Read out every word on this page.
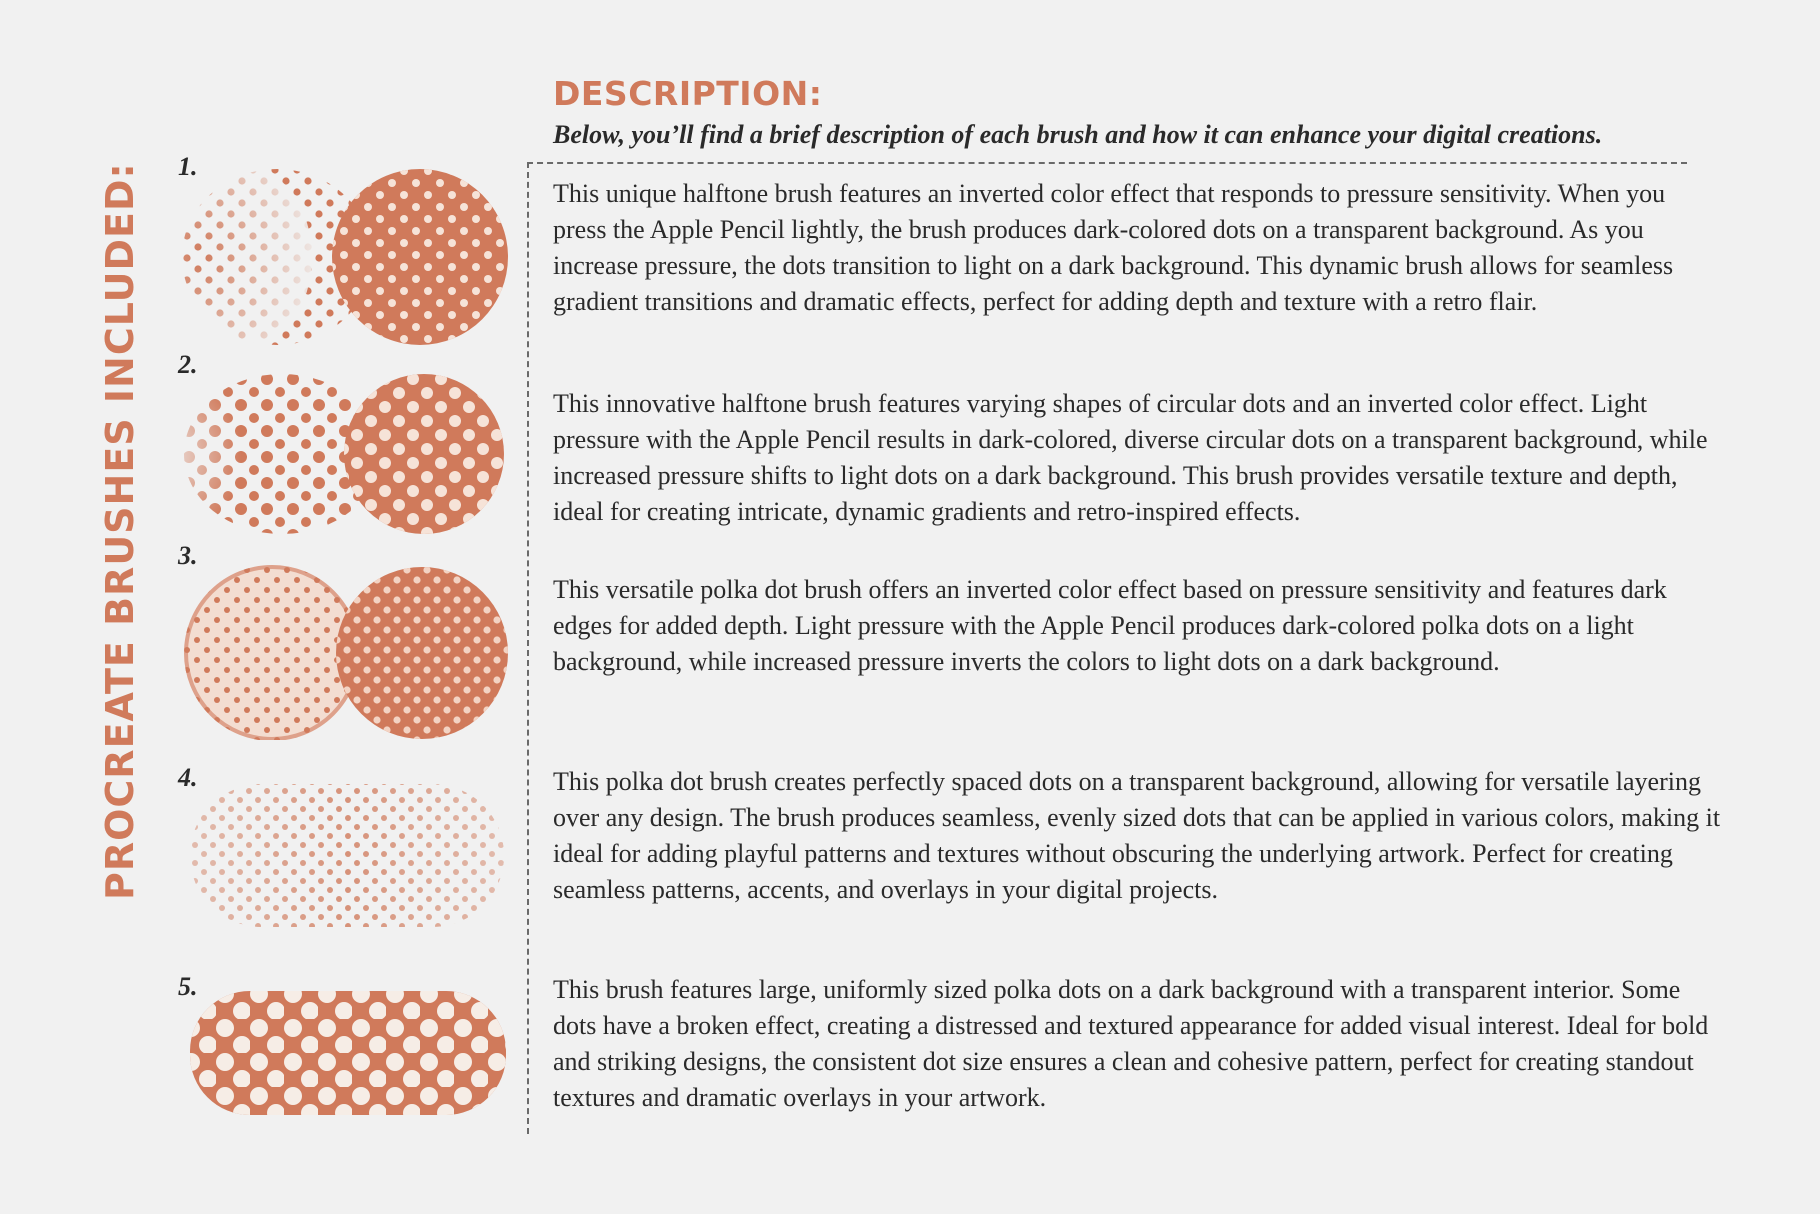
PROCREATE BRUSHES INCLUDED:
DESCRIPTION:
Below, you’ll find a brief description of each brush and how it can enhance your digital creations.
1.
This unique halftone brush features an inverted color effect that responds to pressure sensitivity. When you press the Apple Pencil lightly, the brush produces dark-colored dots on a transparent background. As you increase pressure, the dots transition to light on a dark background. This dynamic brush allows for seamless gradient transitions and dramatic effects, perfect for adding depth and texture with a retro flair.
2.
This innovative halftone brush features varying shapes of circular dots and an inverted color effect. Light pressure with the Apple Pencil results in dark-colored, diverse circular dots on a transparent background, while increased pressure shifts to light dots on a dark background. This brush provides versatile texture and depth, ideal for creating intricate, dynamic gradients and retro-inspired effects.
3.
This versatile polka dot brush offers an inverted color effect based on pressure sensitivity and features dark edges for added depth. Light pressure with the Apple Pencil produces dark-colored polka dots on a light background, while increased pressure inverts the colors to light dots on a dark background.
4.	This polka dot brush creates perfectly spaced dots on a transparent background, allowing for versatile layering over any design. The brush produces seamless, evenly sized dots that can be applied in various colors, making it ideal for adding playful patterns and textures without obscuring the underlying artwork. Perfect for creating seamless patterns, accents, and overlays in your digital projects.
5.	This brush features large, uniformly sized polka dots on a dark background with a transparent interior. Some dots have a broken effect, creating a distressed and textured appearance for added visual interest. Ideal for bold and striking designs, the consistent dot size ensures a clean and cohesive pattern, perfect for creating standout textures and dramatic overlays in your artwork.
